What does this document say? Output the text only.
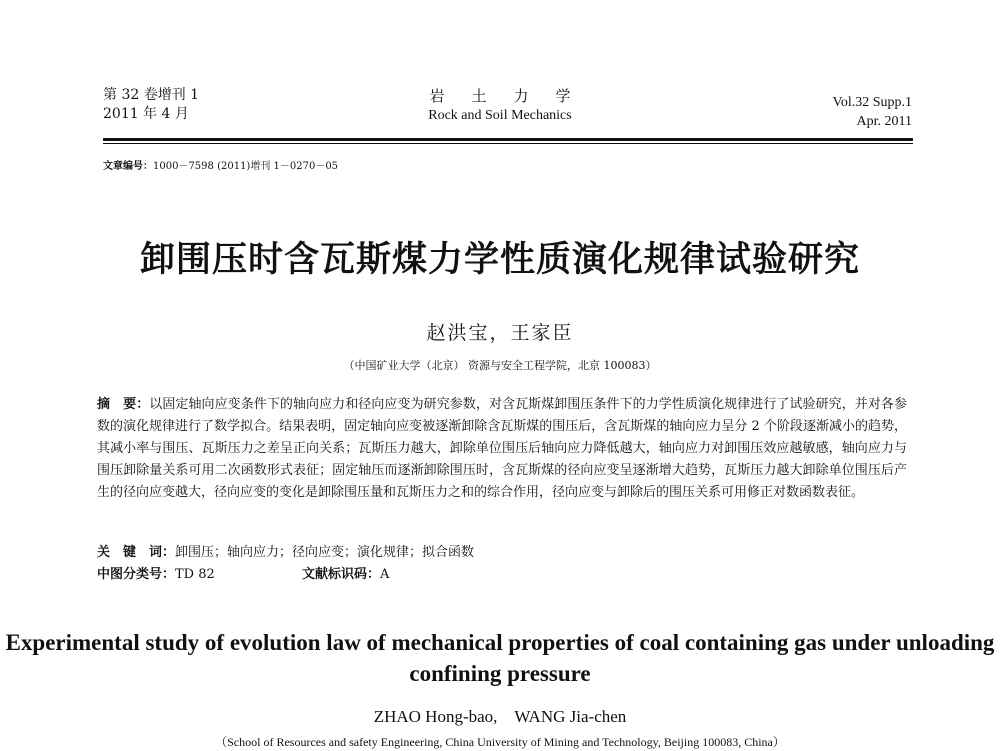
第 32 卷增刊 1
2011 年 4 月
岩土力学
Rock and Soil Mechanics
Vol.32 Supp.1
Apr. 2011
文章编号：1000－7598 (2011)增刊 1－0270－05
卸围压时含瓦斯煤力学性质演化规律试验研究
赵洪宝，王家臣
（中国矿业大学（北京） 资源与安全工程学院，北京 100083）
摘　要：以固定轴向应变条件下的轴向应力和径向应变为研究参数，对含瓦斯煤卸围压条件下的力学性质演化规律进行了试验研究，并对各参数的演化规律进行了数学拟合。结果表明，固定轴向应变被逐渐卸除含瓦斯煤的围压后，含瓦斯煤的轴向应力呈分 2 个阶段逐渐减小的趋势，其减小率与围压、瓦斯压力之差呈正向关系；瓦斯压力越大，卸除单位围压后轴向应力降低越大，轴向应力对卸围压效应越敏感，轴向应力与围压卸除量关系可用二次函数形式表征；固定轴压而逐渐卸除围压时，含瓦斯煤的径向应变呈逐渐增大趋势，瓦斯压力越大卸除单位围压后产生的径向应变越大，径向应变的变化是卸除围压量和瓦斯压力之和的综合作用，径向应变与卸除后的围压关系可用修正对数函数表征。
关　键　词：卸围压；轴向应力；径向应变；演化规律；拟合函数
中图分类号：TD 82	文献标识码：A
Experimental study of evolution law of mechanical properties of coal containing gas under unloading confining pressure
ZHAO Hong-bao,　WANG Jia-chen
（School of Resources and safety Engineering, China University of Mining and Technology, Beijing 100083, China）
